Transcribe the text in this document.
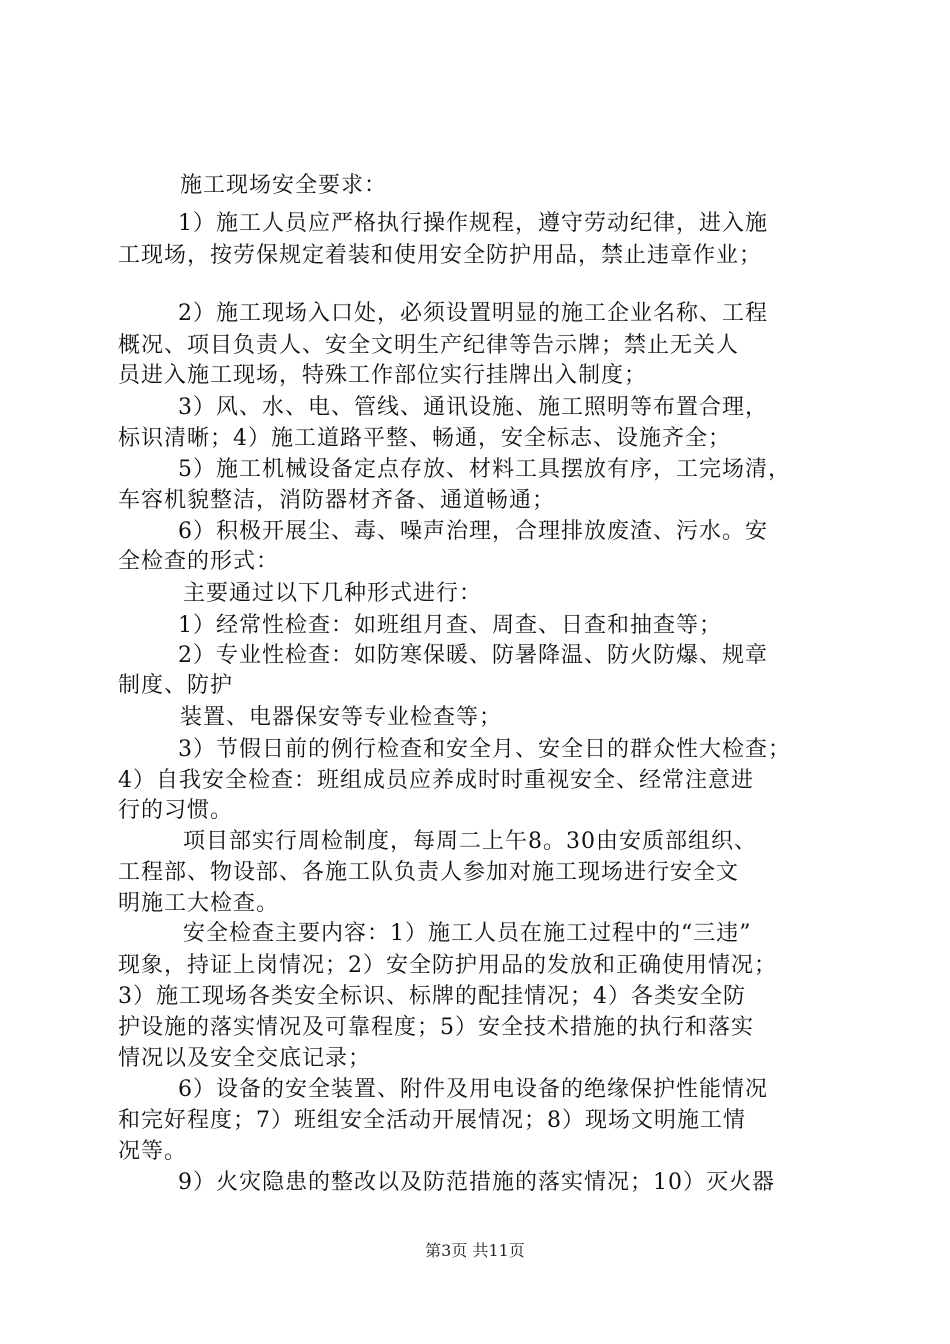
施工现场安全要求：
1）施工人员应严格执行操作规程，遵守劳动纪律，进入施
工现场，按劳保规定着装和使用安全防护用品，禁止违章作业；
2）施工现场入口处，必须设置明显的施工企业名称、工程
概况、项目负责人、安全文明生产纪律等告示牌；禁止无关人
员进入施工现场，特殊工作部位实行挂牌出入制度；
3）风、水、电、管线、通讯设施、施工照明等布置合理，
标识清晰；4）施工道路平整、畅通，安全标志、设施齐全；
5）施工机械设备定点存放、材料工具摆放有序，工完场清，
车容机貌整洁，消防器材齐备、通道畅通；
6）积极开展尘、毒、噪声治理，合理排放废渣、污水。安
全检查的形式：
主要通过以下几种形式进行：
1）经常性检查：如班组月查、周查、日查和抽查等；
2）专业性检查：如防寒保暖、防暑降温、防火防爆、规章
制度、防护
装置、电器保安等专业检查等；
3）节假日前的例行检查和安全月、安全日的群众性大检查；
4）自我安全检查：班组成员应养成时时重视安全、经常注意进
行的习惯。
项目部实行周检制度，每周二上午8。30由安质部组织、
工程部、物设部、各施工队负责人参加对施工现场进行安全文
明施工大检查。
安全检查主要内容：1）施工人员在施工过程中的“三违”
现象，持证上岗情况；2）安全防护用品的发放和正确使用情况；
3）施工现场各类安全标识、标牌的配挂情况；4）各类安全防
护设施的落实情况及可靠程度；5）安全技术措施的执行和落实
情况以及安全交底记录；
6）设备的安全装置、附件及用电设备的绝缘保护性能情况
和完好程度；7）班组安全活动开展情况；8）现场文明施工情
况等。
9）火灾隐患的整改以及防范措施的落实情况；10）灭火器
第3页 共11页
